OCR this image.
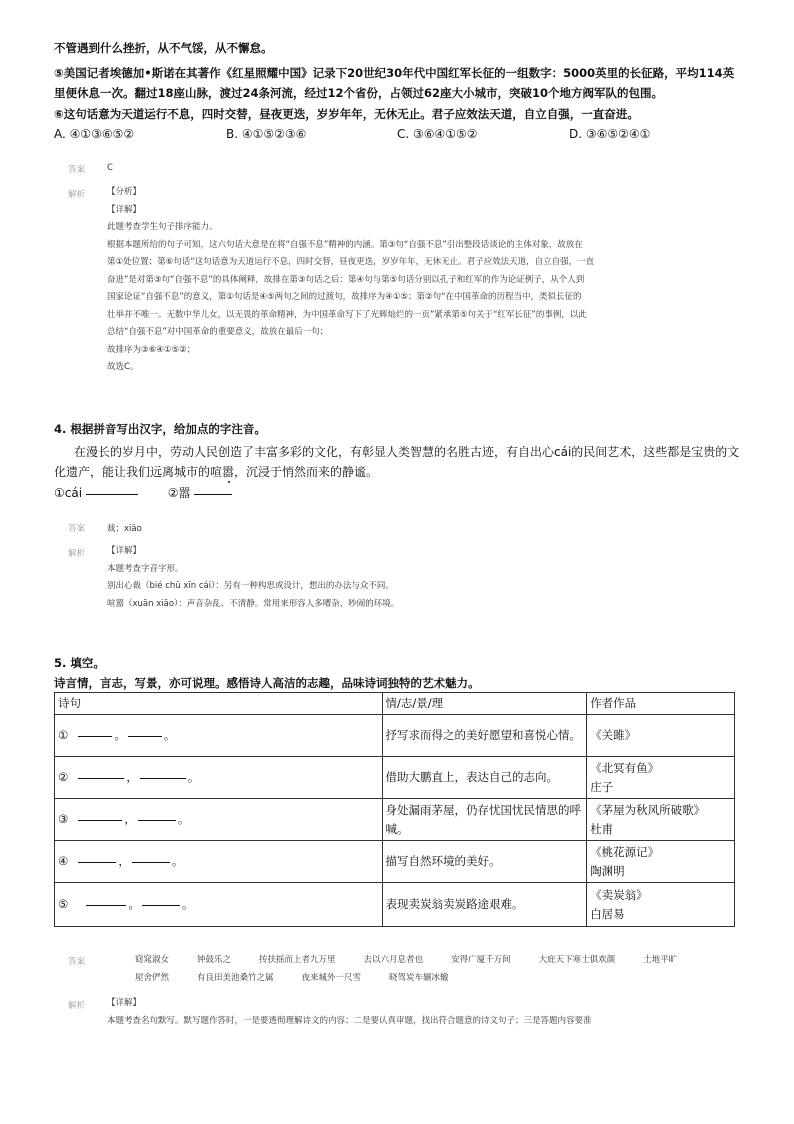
不管遇到什么挫折，从不气馁，从不懈怠。
⑤美国记者埃德加•斯诺在其著作《红星照耀中国》记录下20世纪30年代中国红军长征的一组数字：5000英里的长征路，平均114英里便休息一次。翻过18座山脉，渡过24条河流，经过12个省份，占领过62座大小城市，突破10个地方阀军队的包围。
⑥这句话意为天道运行不息，四时交替，昼夜更迭，岁岁年年，无休无止。君子应效法天道，自立自强，一直奋进。
A. ④①③⑥⑤②	B. ④①⑤②③⑥	C. ③⑥④①⑤②	D. ③⑥⑤②④①
答案	C
解析	【分析】
【详解】
此题考查学生句子排序能力。
根据本题所给的句子可知，这六句话大意是在将“自强不息”精神的内涵。第③句“自强不息”引出整段话谈论的主体对象，故放在
第①处位置；第⑥句话“这句话意为天道运行不息，四时交替，昼夜更迭，岁岁年年，无休无止。君子应效法天道，自立自强，一直
奋进”是对第③句“自强不息”的具体阐释，故排在第③句话之后：第④句与第⑤句话分别以孔子和红军的作为论证例子，从个人到
国家论证“自强不息”的意义，第①句话是④⑤两句之间的过渡句，故排序为④①⑤；第②句“在中国革命的历程当中，类似长征的
壮举并不唯一。无数中华儿女，以无畏的革命精神，为中国革命写下了光辉灿烂的一页”紧承第⑤句关于“红军长征”的事例，以此
总结“自强不息”对中国革命的重要意义，故放在最后一句；
故排序为③⑥④①⑤②；
故选C。
4. 根据拼音写出汉字，给加点的字注音。
在漫长的岁月中，劳动人民创造了丰富多彩的文化，有彰显人类智慧的名胜古迹，有自出心cái的民间艺术，这些都是宝贵的文化遗产，能让我们远离城市的喧嚣，沉浸于悄然而来的静谧。
①cái	②嚣
答案	裁；xiāo
解析	【详解】
本题考查字音字形。
别出心裁（bié chū xīn cái）：另有一种构思或设计，想出的办法与众不同。
喧嚣（xuān xiāo）：声音杂乱、不清静。常用来形容人多嘈杂、吵闹的环境。
5. 填空。
诗言情，言志，写景，亦可说理。感悟诗人高洁的志趣，品味诗词独特的艺术魅力。
诗句	情/志/景/理	作者作品
① 。 。	抒写求而得之的美好愿望和喜悦心情。	《关雎》

② ， 。	借助大鹏直上，表达自己的志向。	《北冥有鱼》
庄子

③ ， 。	身处漏雨茅屋，仍存忧国忧民情思的呼喊。	《茅屋为秋风所破歌》
杜甫

④ ， 。	描写自然环境的美好。	《桃花源记》
陶渊明

⑤ 。 。	表现卖炭翁卖炭路途艰难。	《卖炭翁》
白居易
答案	窈窕淑女	钟鼓乐之	抟扶摇而上者九万里	去以六月息者也	安得广厦千万间	大庇天下寒士俱欢颜	土地平旷屋舍俨然	有良田美池桑竹之属	夜来城外一尺雪	晓驾炭车辗冰辙
解析	【详解】
本题考查名句默写。默写题作答时，一是要透彻理解诗文的内容；二是要认真审题，找出符合题意的诗文句子；三是答题内容要准
